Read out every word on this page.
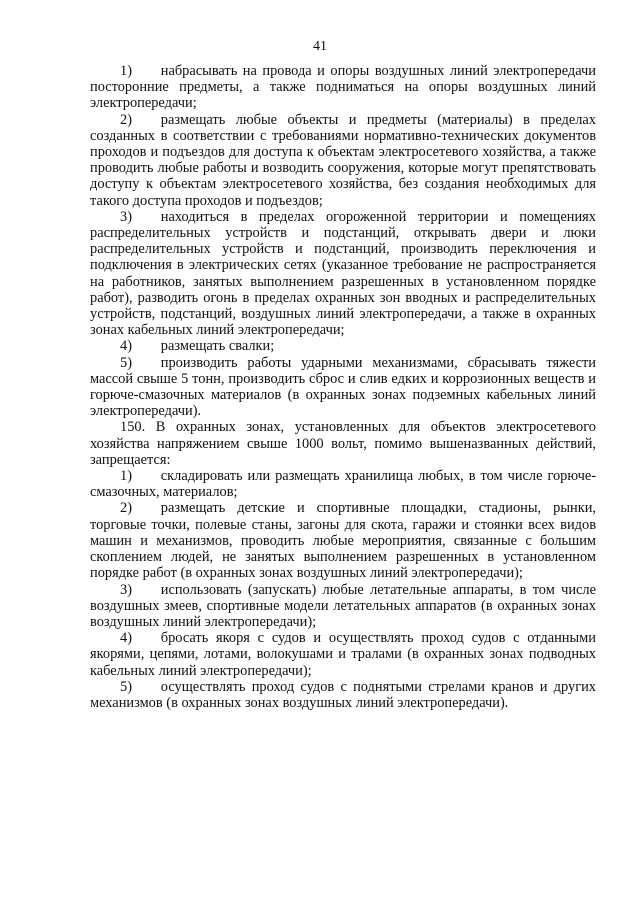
41

1)  набрасывать на провода и опоры воздушных линий электропередачи посторонние предметы, а также подниматься на опоры воздушных линий электропередачи;

2)  размещать любые объекты и предметы (материалы) в пределах созданных в соответствии с требованиями нормативно-технических документов проходов и подъездов для доступа к объектам электросетевого хозяйства, а также проводить любые работы и возводить сооружения, которые могут препятствовать доступу к объектам электросетевого хозяйства, без создания необходимых для такого доступа проходов и подъездов;

3)  находиться в пределах огороженной территории и помещениях распределительных устройств и подстанций, открывать двери и люки распределительных устройств и подстанций, производить переключения и подключения в электрических сетях (указанное требование не распространяется на работников, занятых выполнением разрешенных в установленном порядке работ), разводить огонь в пределах охранных зон вводных и распределительных устройств, подстанций, воздушных линий электропередачи, а также в охранных зонах кабельных линий электропередачи;

4)  размещать свалки;

5)  производить работы ударными механизмами, сбрасывать тяжести массой свыше 5 тонн, производить сброс и слив едких и коррозионных веществ и горюче-смазочных материалов (в охранных зонах подземных кабельных линий электропередачи).

150. В охранных зонах, установленных для объектов электросетевого хозяйства напряжением свыше 1000 вольт, помимо вышеназванных действий, запрещается:

1)  складировать или размещать хранилища любых, в том числе горюче-смазочных, материалов;

2)  размещать детские и спортивные площадки, стадионы, рынки, торговые точки, полевые станы, загоны для скота, гаражи и стоянки всех видов машин и механизмов, проводить любые мероприятия, связанные с большим скоплением людей, не занятых выполнением разрешенных в установленном порядке работ (в охранных зонах воздушных линий электропередачи);

3)  использовать (запускать) любые летательные аппараты, в том числе воздушных змеев, спортивные модели летательных аппаратов (в охранных зонах воздушных линий электропередачи);

4)  бросать якоря с судов и осуществлять проход судов с отданными якорями, цепями, лотами, волокушами и тралами (в охранных зонах подводных кабельных линий электропередачи);

5)  осуществлять проход судов с поднятыми стрелами кранов и других механизмов (в охранных зонах воздушных линий электропередачи).
